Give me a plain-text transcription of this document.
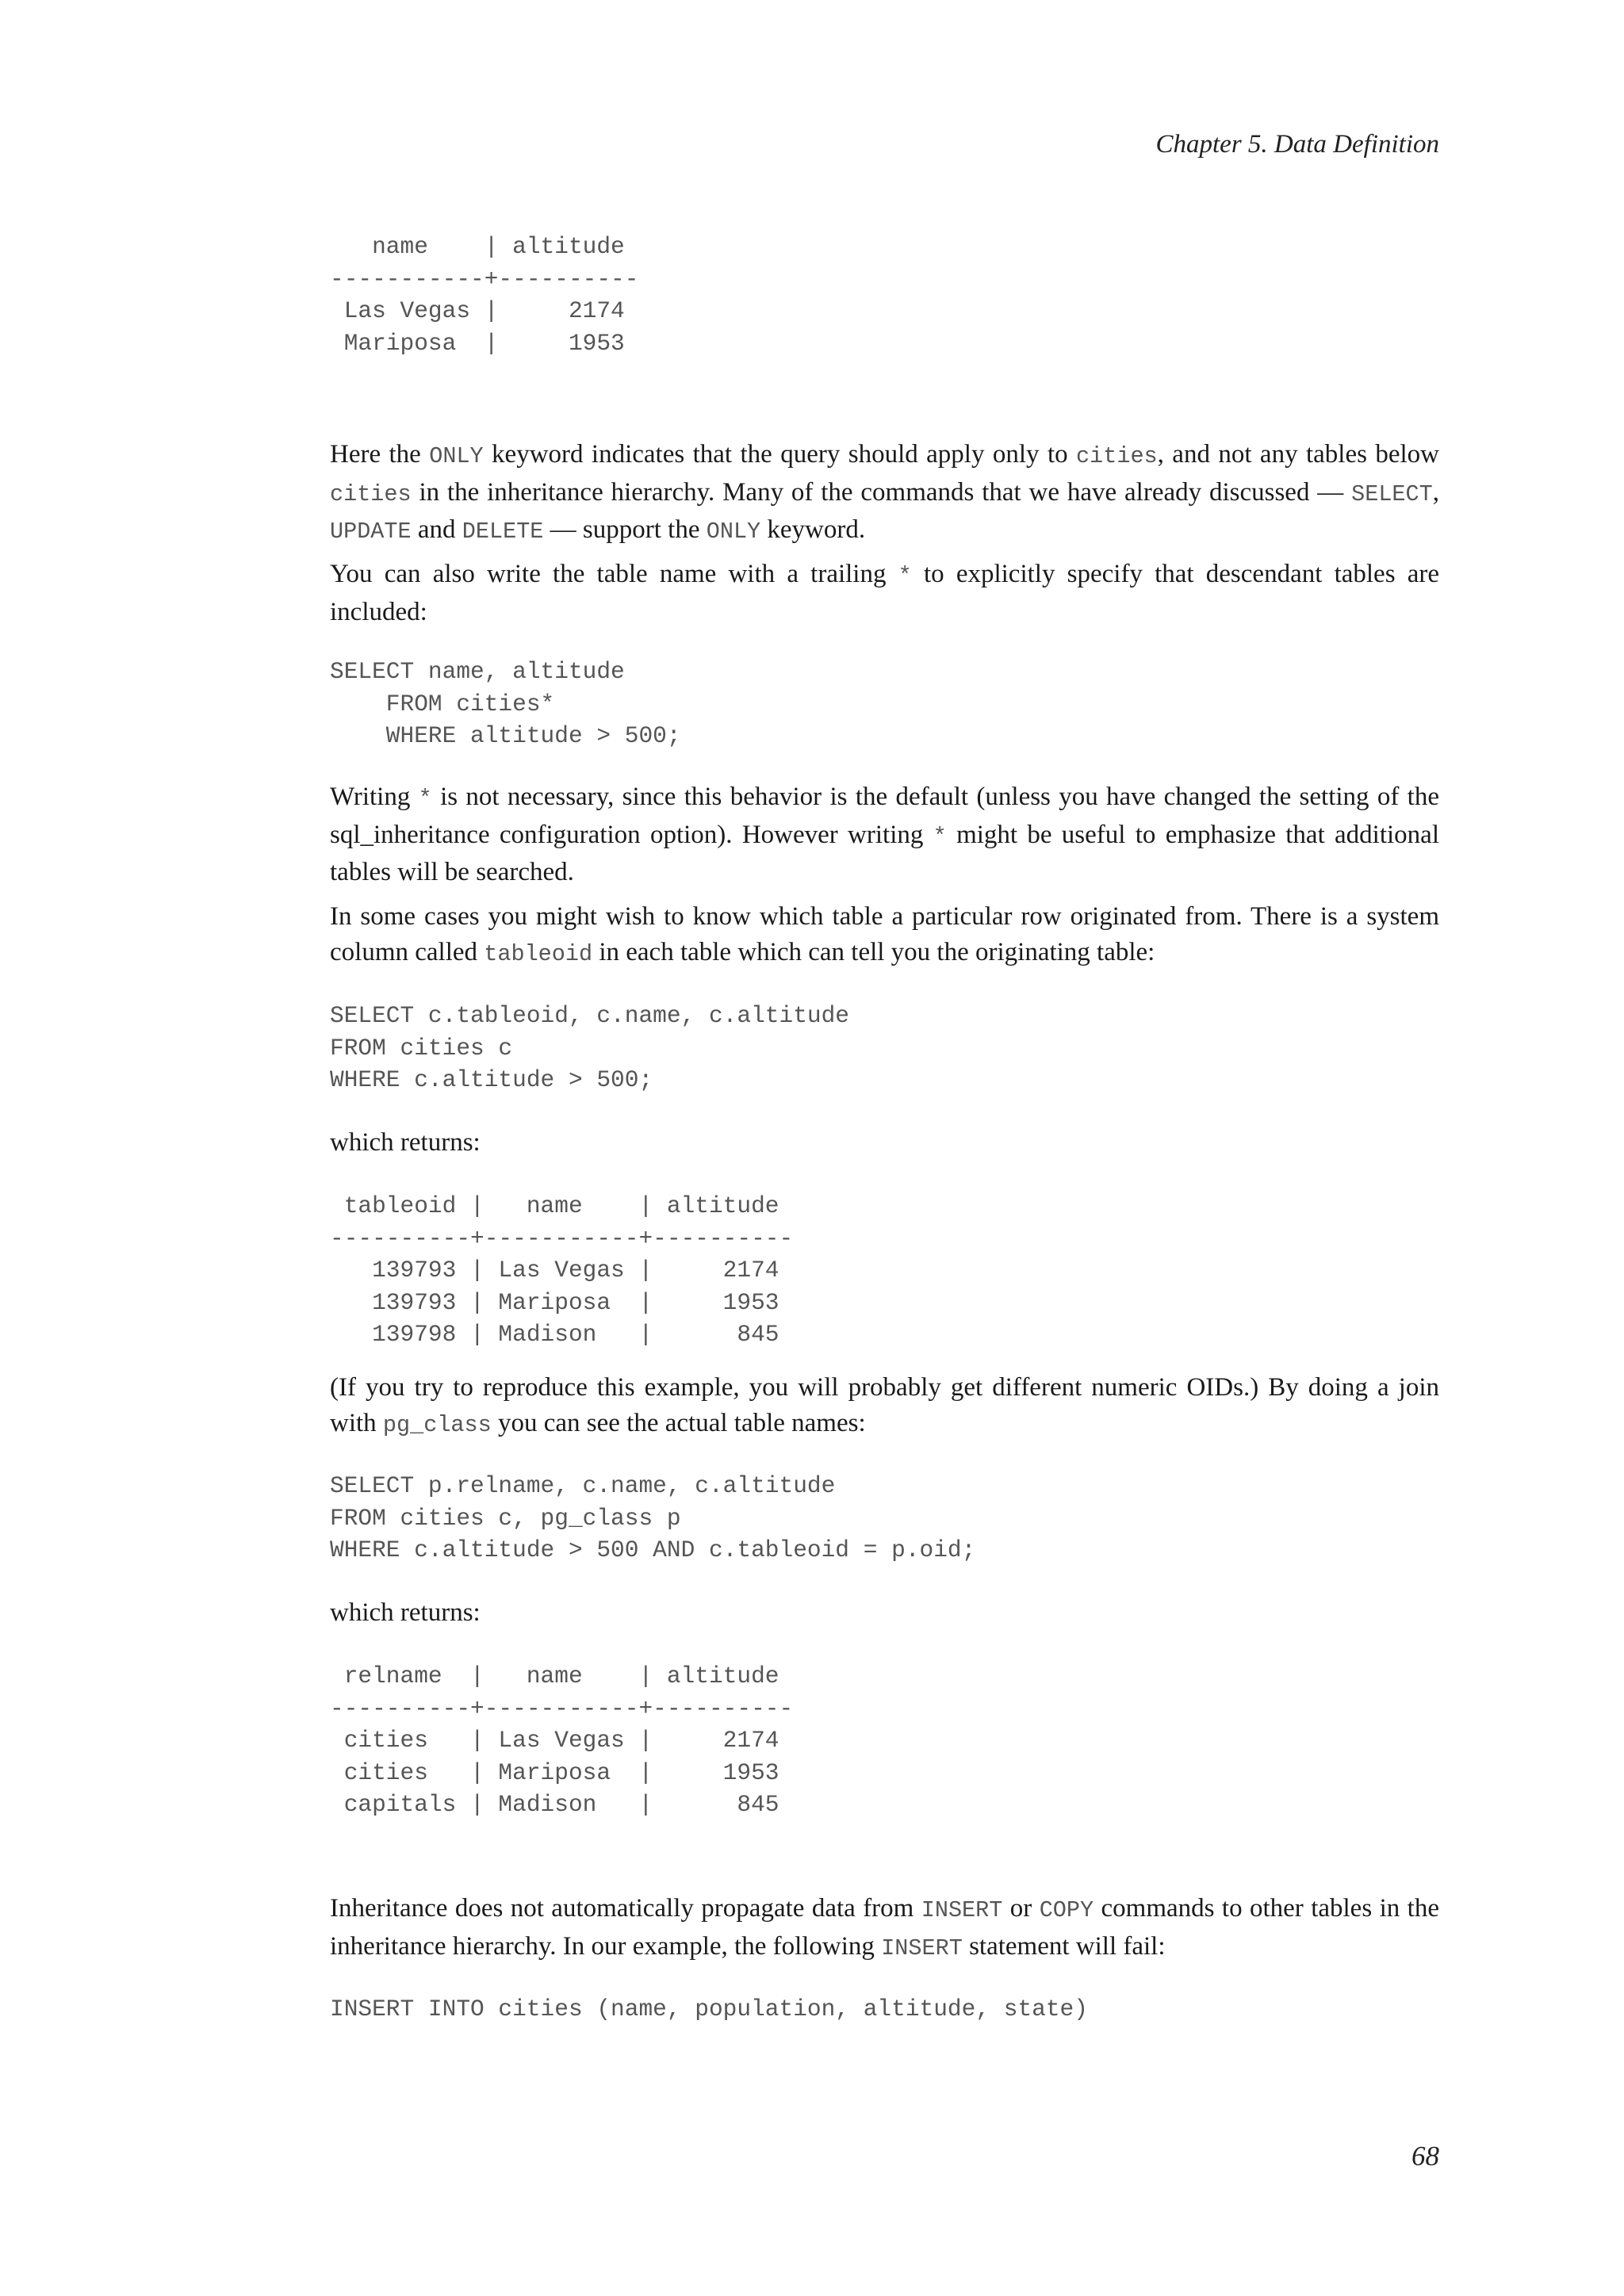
Chapter 5. Data Definition
name    | altitude
-----------+----------
Las Vegas |     2174
Mariposa  |     1953

Here the ONLY keyword indicates that the query should apply only to cities, and not any tables below cities in the inheritance hierarchy. Many of the commands that we have already discussed — SELECT, UPDATE and DELETE — support the ONLY keyword.

You can also write the table name with a trailing * to explicitly specify that descendant tables are included:

SELECT name, altitude
FROM cities*
WHERE altitude > 500;

Writing * is not necessary, since this behavior is the default (unless you have changed the setting of the sql_inheritance configuration option). However writing * might be useful to emphasize that additional tables will be searched.

In some cases you might wish to know which table a particular row originated from. There is a system column called tableoid in each table which can tell you the originating table:

SELECT c.tableoid, c.name, c.altitude
FROM cities c
WHERE c.altitude > 500;

which returns:

tableoid |   name    | altitude
----------+-----------+----------
139793 | Las Vegas |     2174
139793 | Mariposa  |     1953
139798 | Madison   |      845

(If you try to reproduce this example, you will probably get different numeric OIDs.) By doing a join with pg_class you can see the actual table names:

SELECT p.relname, c.name, c.altitude
FROM cities c, pg_class p
WHERE c.altitude > 500 AND c.tableoid = p.oid;

which returns:

relname  |   name    | altitude
----------+-----------+----------
cities   | Las Vegas |     2174
cities   | Mariposa  |     1953
capitals | Madison   |      845

Inheritance does not automatically propagate data from INSERT or COPY commands to other tables in the inheritance hierarchy. In our example, the following INSERT statement will fail:

INSERT INTO cities (name, population, altitude, state)
68
